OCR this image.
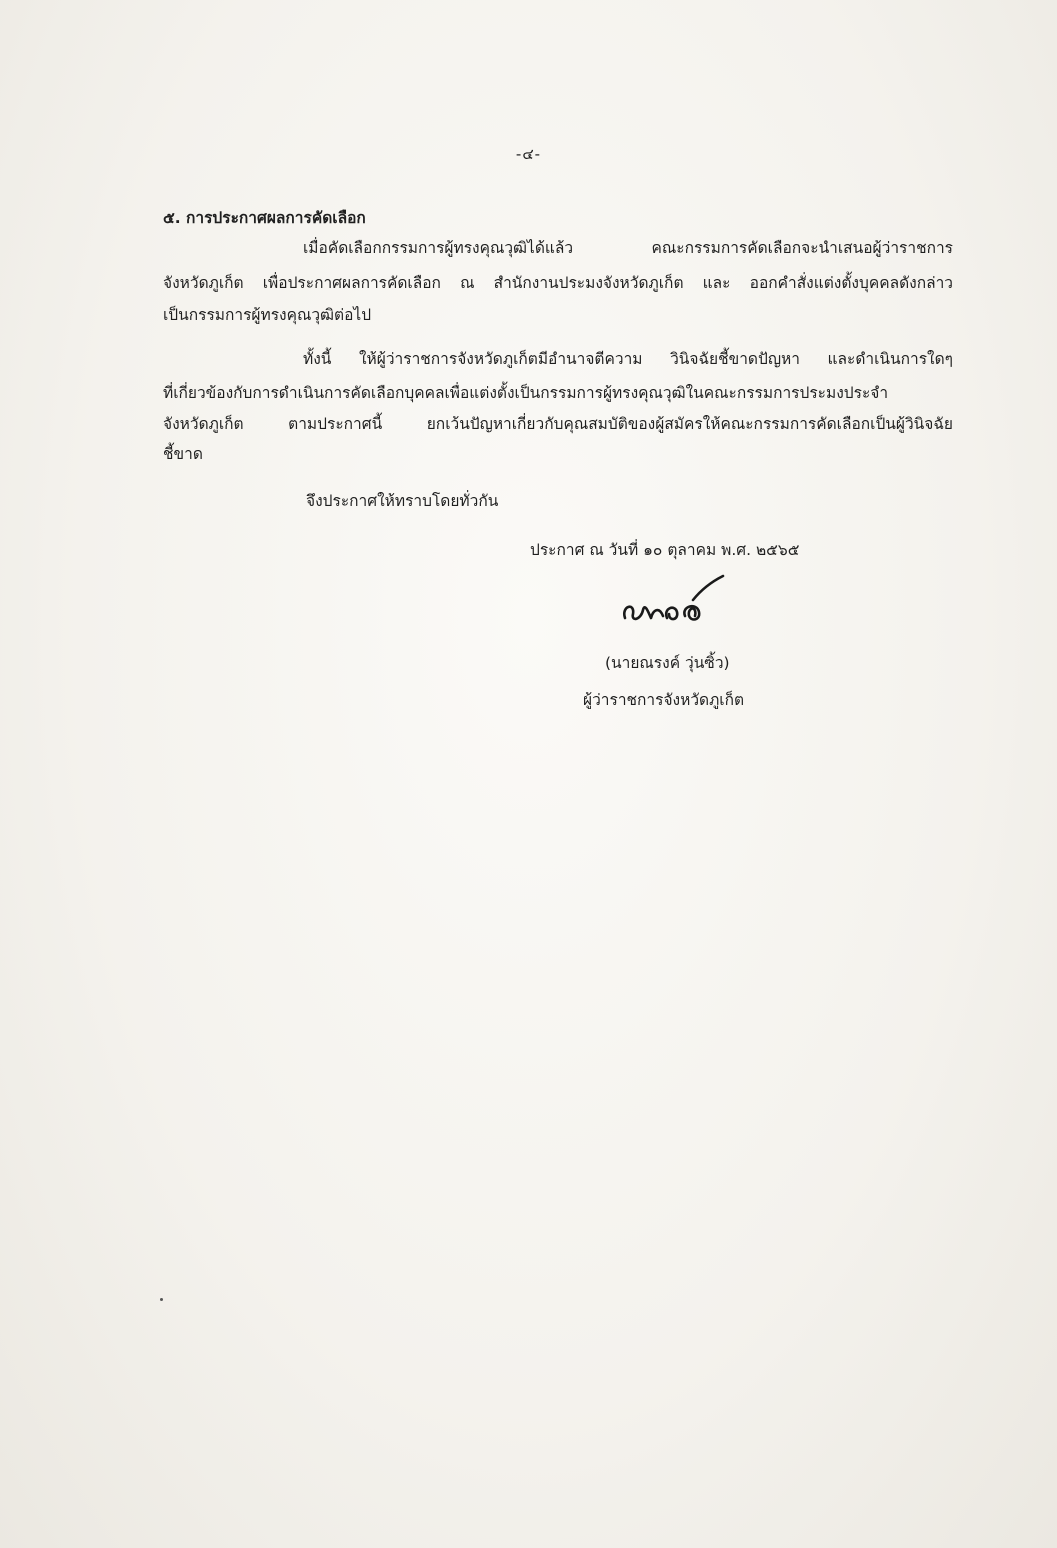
-๔-
๕. การประกาศผลการคัดเลือก
เมื่อคัดเลือกกรรมการผู้ทรงคุณวุฒิได้แล้ว คณะกรรมการคัดเลือกจะนำเสนอผู้ว่าราชการ
จังหวัดภูเก็ต เพื่อประกาศผลการคัดเลือก ณ สำนักงานประมงจังหวัดภูเก็ต และ ออกคำสั่งแต่งตั้งบุคคลดังกล่าว
เป็นกรรมการผู้ทรงคุณวุฒิต่อไป
ทั้งนี้ ให้ผู้ว่าราชการจังหวัดภูเก็ตมีอำนาจตีความ วินิจฉัยชี้ขาดปัญหา และดำเนินการใดๆ
ที่เกี่ยวข้องกับการดำเนินการคัดเลือกบุคคลเพื่อแต่งตั้งเป็นกรรมการผู้ทรงคุณวุฒิในคณะกรรมการประมงประจำ
จังหวัดภูเก็ต ตามประกาศนี้ ยกเว้นปัญหาเกี่ยวกับคุณสมบัติของผู้สมัครให้คณะกรรมการคัดเลือกเป็นผู้วินิจฉัย
ชี้ขาด
จึงประกาศให้ทราบโดยทั่วกัน
ประกาศ ณ วันที่ ๑๐ ตุลาคม พ.ศ. ๒๕๖๕
(นายณรงค์ วุ่นซิ้ว)
ผู้ว่าราชการจังหวัดภูเก็ต
